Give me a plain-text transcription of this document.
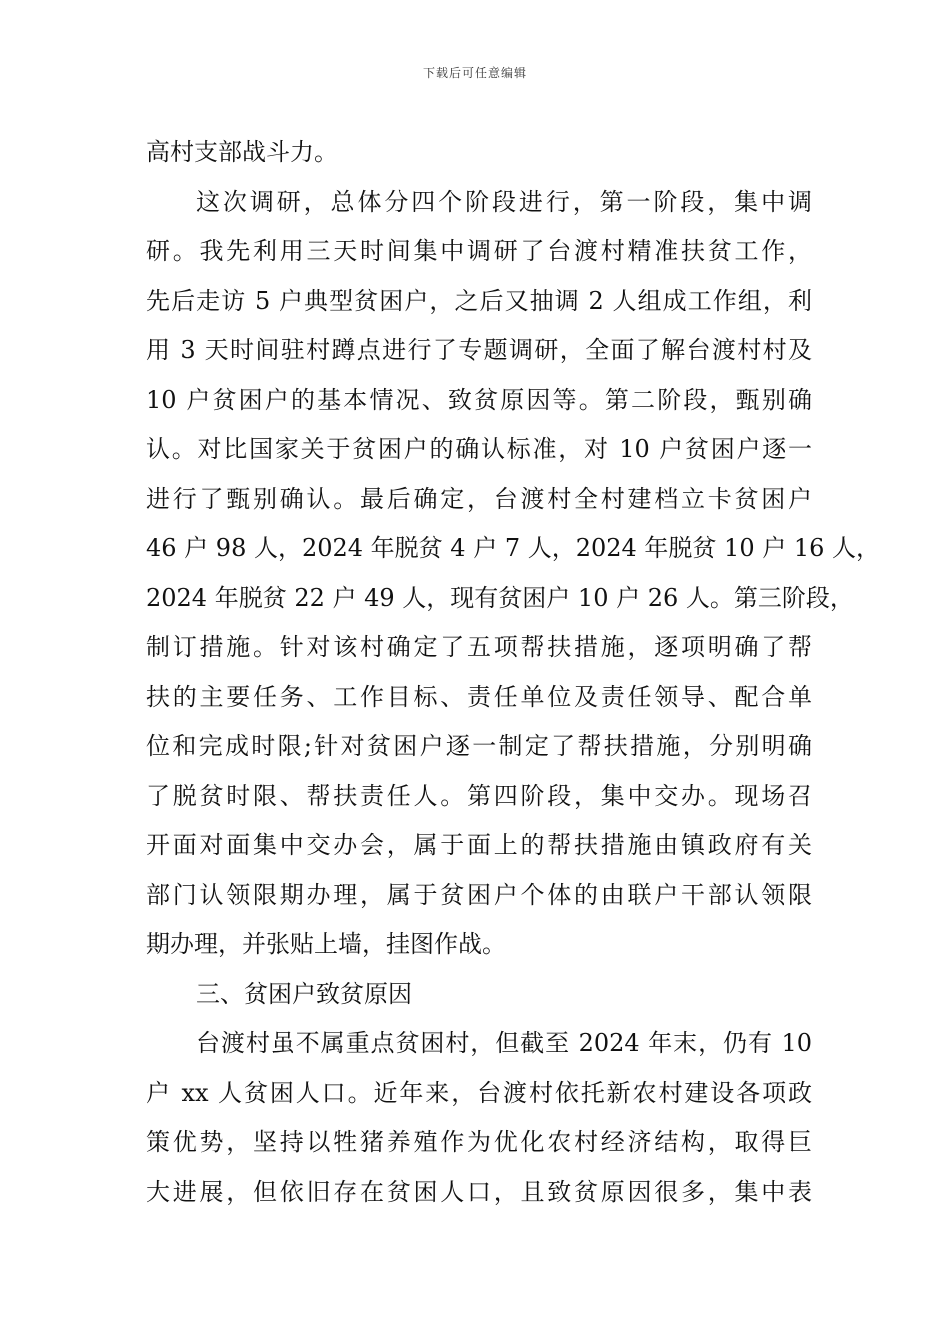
下载后可任意编辑
高村支部战斗力。
这次调研，总体分四个阶段进行，第一阶段，集中调
研。我先利用三天时间集中调研了台渡村精准扶贫工作，
先后走访 5 户典型贫困户，之后又抽调 2 人组成工作组，利
用 3 天时间驻村蹲点进行了专题调研，全面了解台渡村村及
10 户贫困户的基本情况、致贫原因等。第二阶段，甄别确
认。对比国家关于贫困户的确认标准，对 10 户贫困户逐一
进行了甄别确认。最后确定，台渡村全村建档立卡贫困户
46 户 98 人，2024 年脱贫 4 户 7 人，2024 年脱贫 10 户 16 人，
2024 年脱贫 22 户 49 人，现有贫困户 10 户 26 人。第三阶段，
制订措施。针对该村确定了五项帮扶措施，逐项明确了帮
扶的主要任务、工作目标、责任单位及责任领导、配合单
位和完成时限;针对贫困户逐一制定了帮扶措施，分别明确
了脱贫时限、帮扶责任人。第四阶段，集中交办。现场召
开面对面集中交办会，属于面上的帮扶措施由镇政府有关
部门认领限期办理，属于贫困户个体的由联户干部认领限
期办理，并张贴上墙，挂图作战。
三、贫困户致贫原因
台渡村虽不属重点贫困村，但截至 2024 年末，仍有 10
户 xx 人贫困人口。近年来，台渡村依托新农村建设各项政
策优势，坚持以牲猪养殖作为优化农村经济结构，取得巨
大进展，但依旧存在贫困人口，且致贫原因很多，集中表
